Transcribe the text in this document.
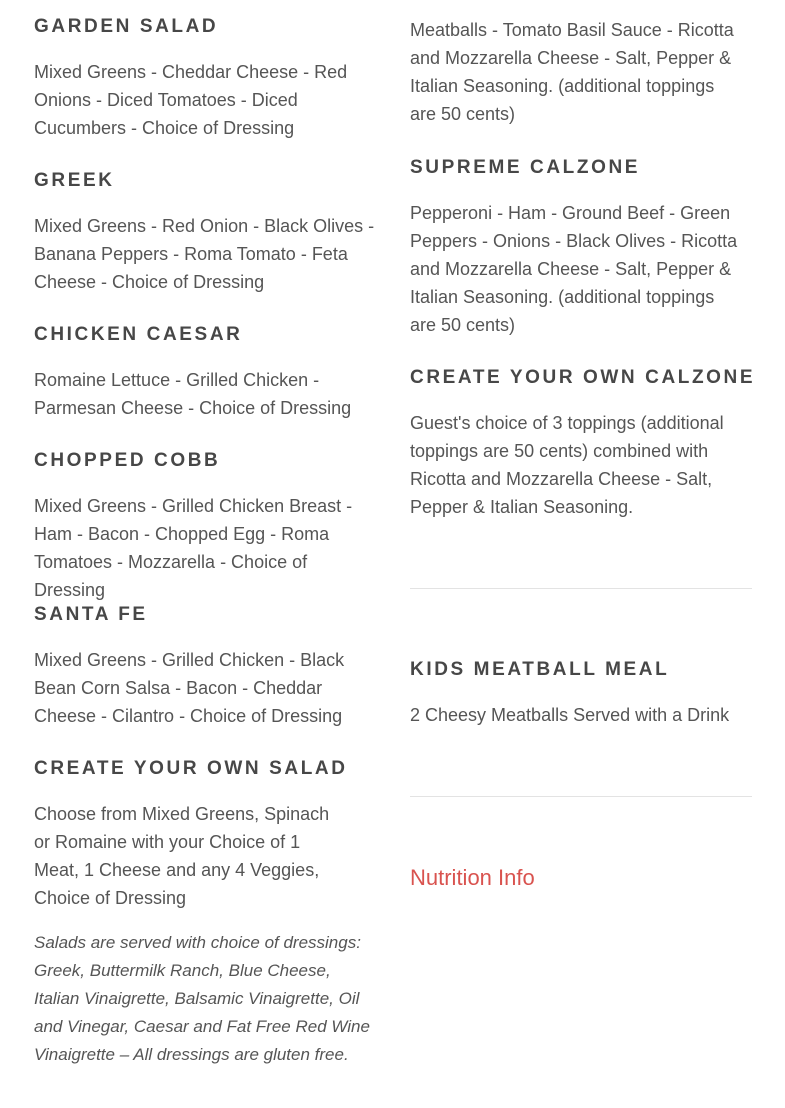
GARDEN SALAD

Mixed Greens - Cheddar Cheese - Red Onions - Diced Tomatoes - Diced Cucumbers - Choice of Dressing

GREEK

Mixed Greens - Red Onion - Black Olives - Banana Peppers - Roma Tomato - Feta Cheese - Choice of Dressing

CHICKEN CAESAR

Romaine Lettuce - Grilled Chicken - Parmesan Cheese - Choice of Dressing

CHOPPED COBB

Mixed Greens - Grilled Chicken Breast - Ham - Bacon - Chopped Egg - Roma Tomatoes - Mozzarella - Choice of Dressing

SANTA FE

Mixed Greens - Grilled Chicken - Black Bean Corn Salsa - Bacon - Cheddar Cheese - Cilantro - Choice of Dressing

CREATE YOUR OWN SALAD

Choose from Mixed Greens, Spinach or Romaine with your Choice of 1 Meat, 1 Cheese and any 4 Veggies, Choice of Dressing

Salads are served with choice of dressings: Greek, Buttermilk Ranch, Blue Cheese, Italian Vinaigrette, Balsamic Vinaigrette, Oil and Vinegar, Caesar and Fat Free Red Wine Vinaigrette – All dressings are gluten free.

Meatballs - Tomato Basil Sauce - Ricotta and Mozzarella Cheese - Salt, Pepper & Italian Seasoning. (additional toppings are 50 cents)

SUPREME CALZONE

Pepperoni - Ham - Ground Beef - Green Peppers - Onions - Black Olives - Ricotta and Mozzarella Cheese - Salt, Pepper & Italian Seasoning. (additional toppings are 50 cents)

CREATE YOUR OWN CALZONE

Guest's choice of 3 toppings (additional toppings are 50 cents) combined with Ricotta and Mozzarella Cheese - Salt, Pepper & Italian Seasoning.

KIDS MEATBALL MEAL

2 Cheesy Meatballs Served with a Drink

Nutrition Info
